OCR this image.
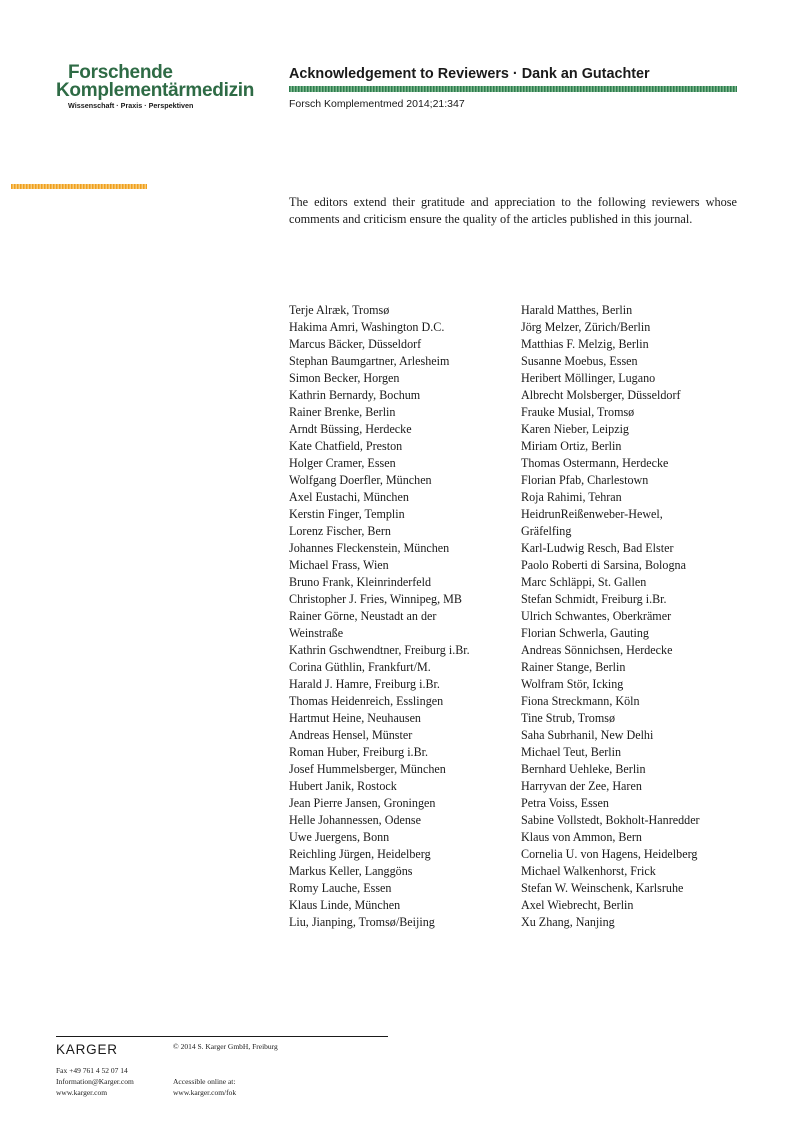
Forschende
Komplementärmedizin
Wissenschaft · Praxis · Perspektiven
Acknowledgement to Reviewers · Dank an Gutachter
Forsch Komplementmed 2014;21:347
The editors extend their gratitude and appreciation to the following reviewers whose comments and criticism ensure the quality of the articles published in this journal.
Terje Alræk, Tromsø
Hakima Amri, Washington D.C.
Marcus Bäcker, Düsseldorf
Stephan Baumgartner, Arlesheim
Simon Becker, Horgen
Kathrin Bernardy, Bochum
Rainer Brenke, Berlin
Arndt Büssing, Herdecke
Kate Chatfield, Preston
Holger Cramer, Essen
Wolfgang Doerfler, München
Axel Eustachi, München
Kerstin Finger, Templin
Lorenz Fischer, Bern
Johannes Fleckenstein, München
Michael Frass, Wien
Bruno Frank, Kleinrinderfeld
Christopher J. Fries, Winnipeg, MB
Rainer Görne, Neustadt an der
Weinstraße
Kathrin Gschwendtner, Freiburg i.Br.
Corina Güthlin, Frankfurt/M.
Harald J. Hamre, Freiburg i.Br.
Thomas Heidenreich, Esslingen
Hartmut Heine, Neuhausen
Andreas Hensel, Münster
Roman Huber, Freiburg i.Br.
Josef Hummelsberger, München
Hubert Janik, Rostock
Jean Pierre Jansen, Groningen
Helle Johannessen, Odense
Uwe Juergens, Bonn
Reichling Jürgen, Heidelberg
Markus Keller, Langgöns
Romy Lauche, Essen
Klaus Linde, München
Liu, Jianping, Tromsø/Beijing
Harald Matthes, Berlin
Jörg Melzer, Zürich/Berlin
Matthias F. Melzig, Berlin
Susanne Moebus, Essen
Heribert Möllinger, Lugano
Albrecht Molsberger, Düsseldorf
Frauke Musial, Tromsø
Karen Nieber, Leipzig
Miriam Ortiz, Berlin
Thomas Ostermann, Herdecke
Florian Pfab, Charlestown
Roja Rahimi, Tehran
HeidrunReißenweber-Hewel,
Gräfelfing
Karl-Ludwig Resch, Bad Elster
Paolo Roberti di Sarsina, Bologna
Marc Schläppi, St. Gallen
Stefan Schmidt, Freiburg i.Br.
Ulrich Schwantes, Oberkrämer
Florian Schwerla, Gauting
Andreas Sönnichsen, Herdecke
Rainer Stange, Berlin
Wolfram Stör, Icking
Fiona Streckmann, Köln
Tine Strub, Tromsø
Saha Subrhanil, New Delhi
Michael Teut, Berlin
Bernhard Uehleke, Berlin
Harryvan der Zee, Haren
Petra Voiss, Essen
Sabine Vollstedt, Bokholt-Hanredder
Klaus von Ammon, Bern
Cornelia U. von Hagens, Heidelberg
Michael Walkenhorst, Frick
Stefan W. Weinschenk, Karlsruhe
Axel Wiebrecht, Berlin
Xu Zhang, Nanjing
KARGER	© 2014 S. Karger GmbH, Freiburg
Fax +49 761 4 52 07 14
Information@Karger.com
www.karger.com
Accessible online at:
www.karger.com/fok
